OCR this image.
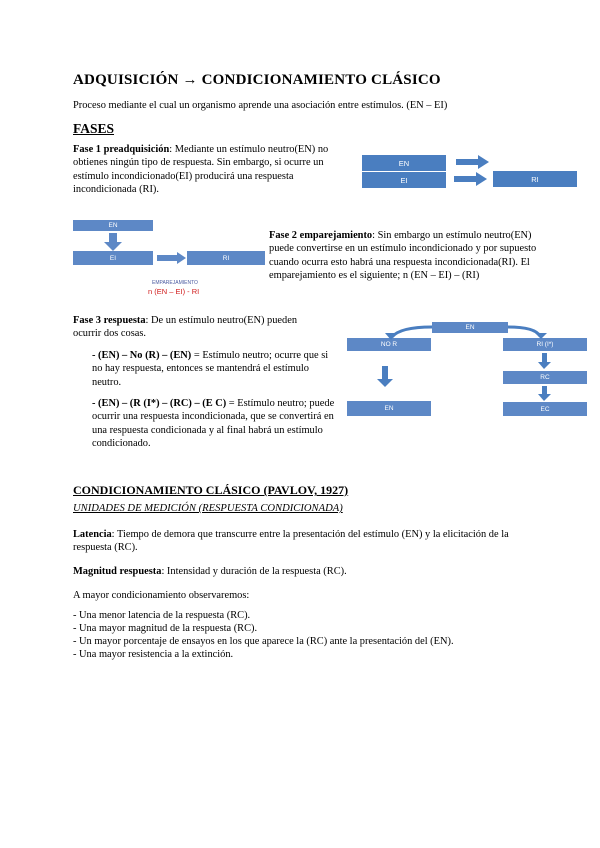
ADQUISICIÓN → CONDICIONAMIENTO CLÁSICO
Proceso mediante el cual un organismo aprende una asociación entre estímulos. (EN – EI)
FASES
Fase 1 preadquisición: Mediante un estímulo neutro(EN) no obtienes ningún tipo de respuesta. Sin embargo, si ocurre un estímulo incondicionado(EI) producirá una respuesta incondicionada (RI).
EN
EI	RI
EN
EI	RI
EMPAREJAMIENTO
n (EN – EI) - RI
Fase 2 emparejamiento: Sin embargo un estímulo neutro(EN) puede convertirse en un estímulo incondicionado y por supuesto cuando ocurra esto habrá una respuesta incondicionada(RI). El emparejamiento es el siguiente; n (EN – EI) – (RI)
Fase 3 respuesta: De un estímulo neutro(EN) pueden ocurrir dos cosas.
- (EN) – No (R) – (EN) = Estímulo neutro; ocurre que si no hay respuesta, entonces se mantendrá el estímulo neutro.
- (EN) – (R (I*) – (RC) – (E C) = Estímulo neutro; puede ocurrir una respuesta incondicionada, que se convertirá en una respuesta condicionada y al final habrá un estímulo condicionado.
EN
NO R	RI (I*)
RC
EN	EC
CONDICIONAMIENTO CLÁSICO (PAVLOV, 1927)
UNIDADES DE MEDICIÓN (RESPUESTA CONDICIONADA)
Latencia: Tiempo de demora que transcurre entre la presentación del estímulo (EN) y la elicitación de la respuesta (RC).
Magnitud respuesta: Intensidad y duración de la respuesta (RC).
A mayor condicionamiento observaremos:
- Una menor latencia de la respuesta (RC).
- Una mayor magnitud de la respuesta (RC).
- Un mayor porcentaje de ensayos en los que aparece la (RC) ante la presentación del (EN).
- Una mayor resistencia a la extinción.
